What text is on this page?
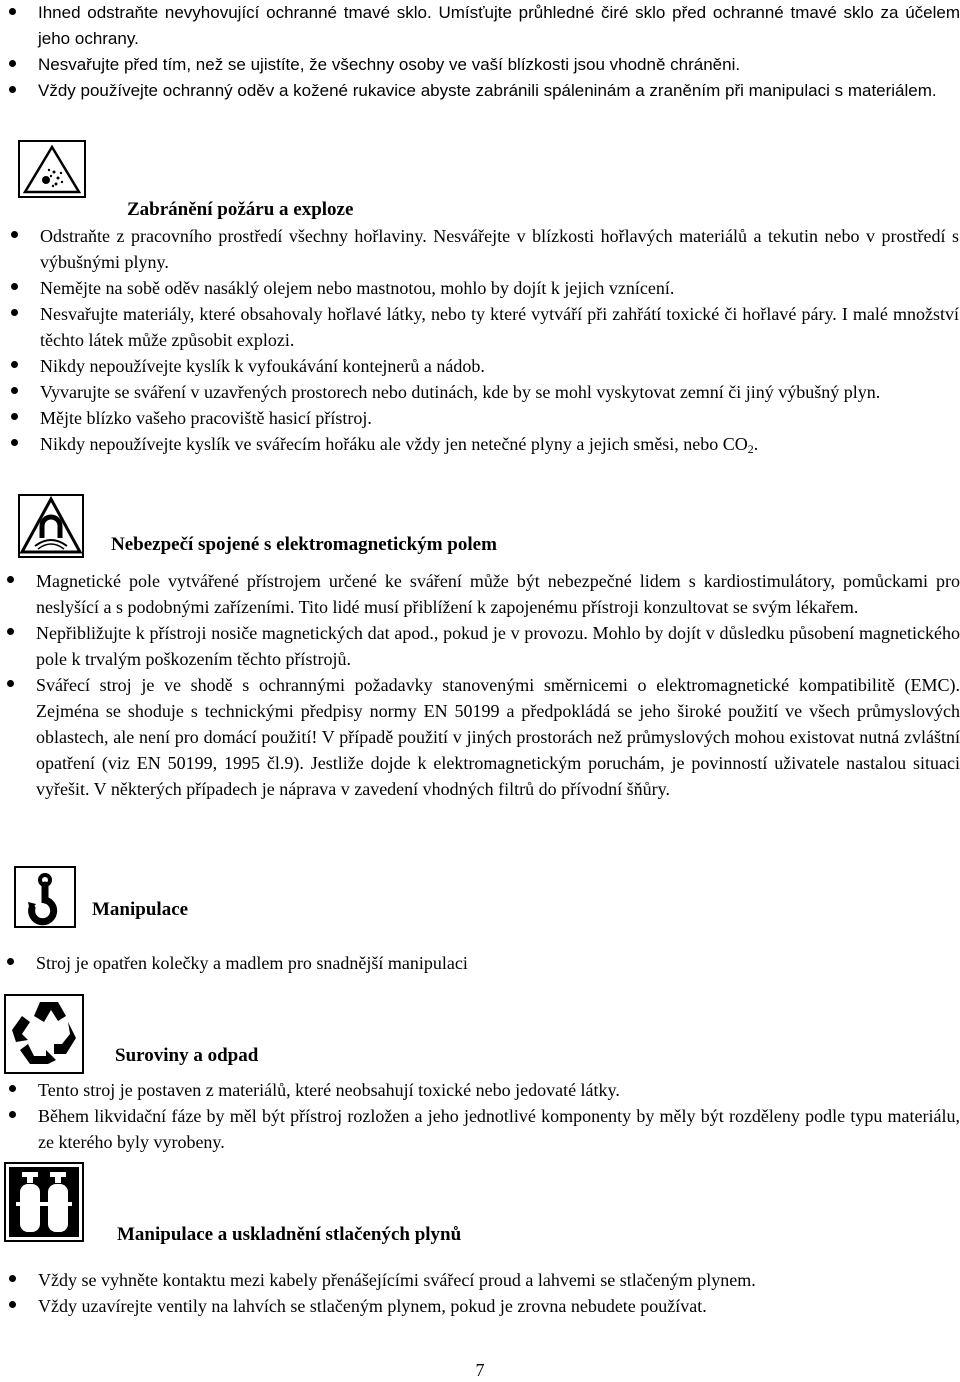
Ihned odstraňte nevyhovující ochranné tmavé sklo. Umísťujte průhledné čiré sklo před ochranné tmavé sklo za účelem jeho ochrany.
Nesvařujte před tím, než se ujistíte, že všechny osoby ve vaší blízkosti jsou vhodně chráněni.
Vždy používejte ochranný oděv a kožené rukavice abyste zabránili spáleninám a zraněním při manipulaci s materiálem.
Zabránění požáru a exploze
Odstraňte z pracovního prostředí všechny hořlaviny. Nesvářejte v blízkosti hořlavých materiálů a tekutin nebo v prostředí s výbušnými plyny.
Nemějte na sobě oděv nasáklý olejem nebo mastnotou, mohlo by dojít k jejich vznícení.
Nesvařujte materiály, které obsahovaly hořlavé látky, nebo ty které vytváří při zahřátí toxické či hořlavé páry. I malé množství těchto látek může způsobit explozi.
Nikdy nepoužívejte kyslík k vyfoukávání kontejnerů a nádob.
Vyvarujte se sváření v uzavřených prostorech nebo dutinách, kde by se mohl vyskytovat zemní či jiný výbušný plyn.
Mějte blízko vašeho pracoviště hasicí přístroj.
Nikdy nepoužívejte kyslík ve svářecím hořáku ale vždy jen netečné plyny a jejich směsi, nebo $CO_2$.
Nebezpečí spojené s elektromagnetickým polem
Magnetické pole vytvářené přístrojem určené ke sváření může být nebezpečné lidem s kardiostimulátory, pomůckami pro neslyšící a s podobnými zařízeními. Tito lidé musí přiblížení k zapojenému přístroji konzultovat se svým lékařem.
Nepřibližujte k přístroji nosiče magnetických dat apod., pokud je v provozu. Mohlo by dojít v důsledku působení magnetického pole k trvalým poškozením těchto přístrojů.
Svářecí stroj je ve shodě s ochrannými požadavky stanovenými směrnicemi o elektromagnetické kompatibilitě (EMC). Zejména se shoduje s technickými předpisy normy EN 50199 a předpokládá se jeho široké použití ve všech průmyslových oblastech, ale není pro domácí použití! V případě použití v jiných prostorách než průmyslových mohou existovat nutná zvláštní opatření (viz EN 50199, 1995 čl.9). Jestliže dojde k elektromagnetickým poruchám, je povinností uživatele nastalou situaci vyřešit. V některých případech je náprava v zavedení vhodných filtrů do přívodní šňůry.
Manipulace
Stroj je opatřen kolečky a madlem pro snadnější manipulaci
Suroviny a odpad
Tento stroj je postaven z materiálů, které neobsahují toxické nebo jedovaté látky.
Během likvidační fáze by měl být přístroj rozložen a jeho jednotlivé komponenty by měly být rozděleny podle typu materiálu, ze kterého byly vyrobeny.
Manipulace a uskladnění stlačených plynů
Vždy se vyhněte kontaktu mezi kabely přenášejícími svářecí proud a lahvemi se stlačeným plynem.
Vždy uzavírejte ventily na lahvích se stlačeným plynem, pokud je zrovna nebudete používat.
7
